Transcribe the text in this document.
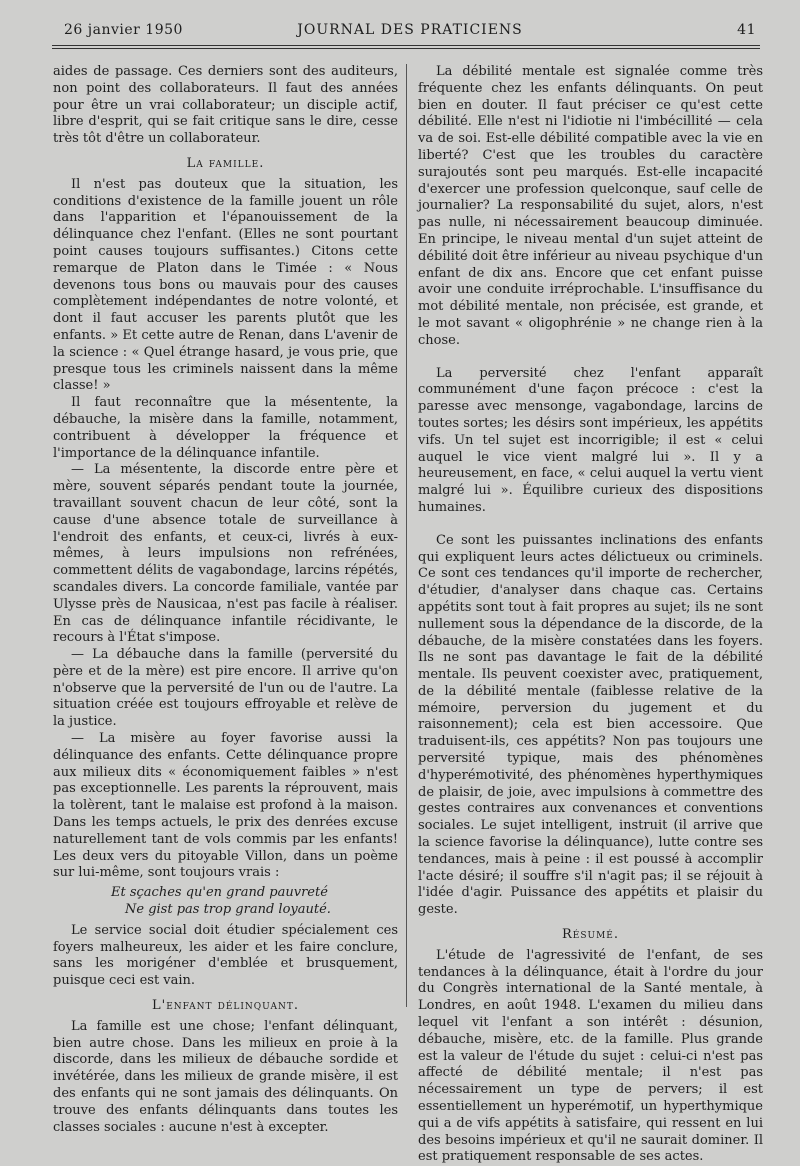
26 janvier 1950	JOURNAL DES PRATICIENS	41

aides de passage. Ces derniers sont des auditeurs, non point des collaborateurs. Il faut des années pour être un vrai collaborateur; un disciple actif, libre d'esprit, qui se fait critique sans le dire, cesse très tôt d'être un collaborateur.

La famille.

Il n'est pas douteux que la situation, les conditions d'existence de la famille jouent un rôle dans l'apparition et l'épanouissement de la délinquance chez l'enfant. (Elles ne sont pourtant point causes toujours suffisantes.) Citons cette remarque de Platon dans le Timée : « Nous devenons tous bons ou mauvais pour des causes complètement indépendantes de notre volonté, et dont il faut accuser les parents plutôt que les enfants. » Et cette autre de Renan, dans L'avenir de la science : « Quel étrange hasard, je vous prie, que presque tous les criminels naissent dans la même classe! »

Il faut reconnaître que la mésentente, la débauche, la misère dans la famille, notamment, contribuent à développer la fréquence et l'importance de la délinquance infantile.

— La mésentente, la discorde entre père et mère, souvent séparés pendant toute la journée, travaillant souvent chacun de leur côté, sont la cause d'une absence totale de surveillance à l'endroit des enfants, et ceux-ci, livrés à eux-mêmes, à leurs impulsions non refrénées, commettent délits de vagabondage, larcins répétés, scandales divers. La concorde familiale, vantée par Ulysse près de Nausicaa, n'est pas facile à réaliser. En cas de délinquance infantile récidivante, le recours à l'État s'impose.

— La débauche dans la famille (perversité du père et de la mère) est pire encore. Il arrive qu'on n'observe que la perversité de l'un ou de l'autre. La situation créée est toujours effroyable et relève de la justice.

— La misère au foyer favorise aussi la délinquance des enfants. Cette délinquance propre aux milieux dits « économiquement faibles » n'est pas exceptionnelle. Les parents la réprouvent, mais la tolèrent, tant le malaise est profond à la maison. Dans les temps actuels, le prix des denrées excuse naturellement tant de vols commis par les enfants! Les deux vers du pitoyable Villon, dans un poème sur lui-même, sont toujours vrais :

Et sçaches qu'en grand pauvreté
Ne gist pas trop grand loyauté.

Le service social doit étudier spécialement ces foyers malheureux, les aider et les faire conclure, sans les morigéner d'emblée et brusquement, puisque ceci est vain.

L'enfant délinquant.

La famille est une chose; l'enfant délinquant, bien autre chose. Dans les milieux en proie à la discorde, dans les milieux de débauche sordide et invétérée, dans les milieux de grande misère, il est des enfants qui ne sont jamais des délinquants. On trouve des enfants délinquants dans toutes les classes sociales : aucune n'est à excepter.

La débilité mentale est signalée comme très fréquente chez les enfants délinquants. On peut bien en douter. Il faut préciser ce qu'est cette débilité. Elle n'est ni l'idiotie ni l'imbécillité — cela va de soi. Est-elle débilité compatible avec la vie en liberté? C'est que les troubles du caractère surajoutés sont peu marqués. Est-elle incapacité d'exercer une profession quelconque, sauf celle de journalier? La responsabilité du sujet, alors, n'est pas nulle, ni nécessairement beaucoup diminuée. En principe, le niveau mental d'un sujet atteint de débilité doit être inférieur au niveau psychique d'un enfant de dix ans. Encore que cet enfant puisse avoir une conduite irréprochable. L'insuffisance du mot débilité mentale, non précisée, est grande, et le mot savant « oligophrénie » ne change rien à la chose.

La perversité chez l'enfant apparaît communément d'une façon précoce : c'est la paresse avec mensonge, vagabondage, larcins de toutes sortes; les désirs sont impérieux, les appétits vifs. Un tel sujet est incorrigible; il est « celui auquel le vice vient malgré lui ». Il y a heureusement, en face, « celui auquel la vertu vient malgré lui ». Équilibre curieux des dispositions humaines.

Ce sont les puissantes inclinations des enfants qui expliquent leurs actes délictueux ou criminels. Ce sont ces tendances qu'il importe de rechercher, d'étudier, d'analyser dans chaque cas. Certains appétits sont tout à fait propres au sujet; ils ne sont nullement sous la dépendance de la discorde, de la débauche, de la misère constatées dans les foyers. Ils ne sont pas davantage le fait de la débilité mentale. Ils peuvent coexister avec, pratiquement, de la débilité mentale (faiblesse relative de la mémoire, perversion du jugement et du raisonnement); cela est bien accessoire. Que traduisent-ils, ces appétits? Non pas toujours une perversité typique, mais des phénomènes d'hyperémotivité, des phénomènes hyperthymiques de plaisir, de joie, avec impulsions à commettre des gestes contraires aux convenances et conventions sociales. Le sujet intelligent, instruit (il arrive que la science favorise la délinquance), lutte contre ses tendances, mais à peine : il est poussé à accomplir l'acte désiré; il souffre s'il n'agit pas; il se réjouit à l'idée d'agir. Puissance des appétits et plaisir du geste.

Résumé.

L'étude de l'agressivité de l'enfant, de ses tendances à la délinquance, était à l'ordre du jour du Congrès international de la Santé mentale, à Londres, en août 1948. L'examen du milieu dans lequel vit l'enfant a son intérêt : désunion, débauche, misère, etc. de la famille. Plus grande est la valeur de l'étude du sujet : celui-ci n'est pas affecté de débilité mentale; il n'est pas nécessairement un type de pervers; il est essentiellement un hyperémotif, un hyperthymique qui a de vifs appétits à satisfaire, qui ressent en lui des besoins impérieux et qu'il ne saurait dominer. Il est pratiquement responsable de ses actes.
